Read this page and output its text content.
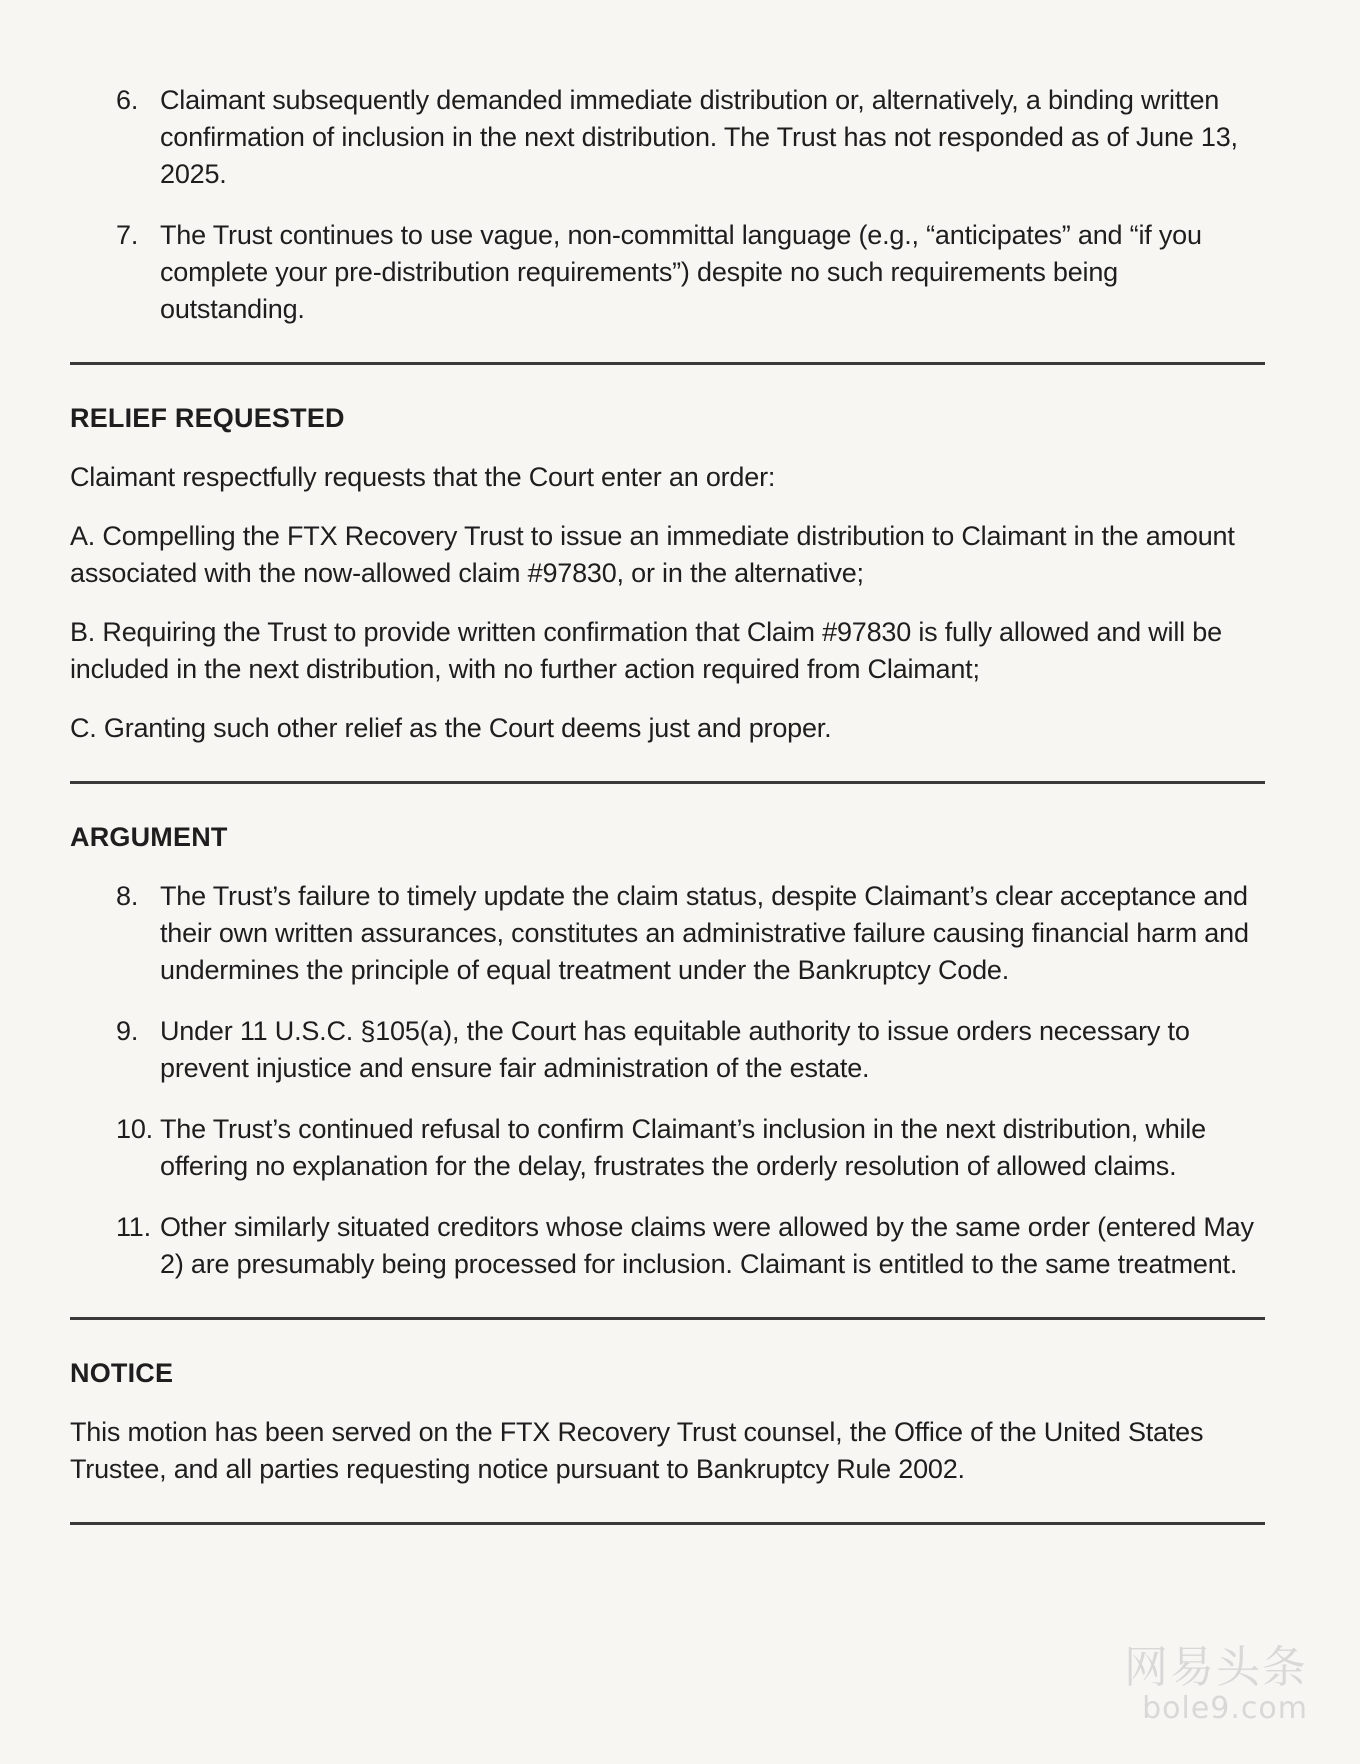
6. Claimant subsequently demanded immediate distribution or, alternatively, a binding written confirmation of inclusion in the next distribution. The Trust has not responded as of June 13, 2025.
7. The Trust continues to use vague, non-committal language (e.g., “anticipates” and “if you complete your pre-distribution requirements”) despite no such requirements being outstanding.
RELIEF REQUESTED
Claimant respectfully requests that the Court enter an order:
A. Compelling the FTX Recovery Trust to issue an immediate distribution to Claimant in the amount associated with the now-allowed claim #97830, or in the alternative;
B. Requiring the Trust to provide written confirmation that Claim #97830 is fully allowed and will be included in the next distribution, with no further action required from Claimant;
C. Granting such other relief as the Court deems just and proper.
ARGUMENT
8. The Trust’s failure to timely update the claim status, despite Claimant’s clear acceptance and their own written assurances, constitutes an administrative failure causing financial harm and undermines the principle of equal treatment under the Bankruptcy Code.
9. Under 11 U.S.C. §105(a), the Court has equitable authority to issue orders necessary to prevent injustice and ensure fair administration of the estate.
10. The Trust’s continued refusal to confirm Claimant’s inclusion in the next distribution, while offering no explanation for the delay, frustrates the orderly resolution of allowed claims.
11. Other similarly situated creditors whose claims were allowed by the same order (entered May 2) are presumably being processed for inclusion. Claimant is entitled to the same treatment.
NOTICE
This motion has been served on the FTX Recovery Trust counsel, the Office of the United States Trustee, and all parties requesting notice pursuant to Bankruptcy Rule 2002.
网易头条
bole9.com
